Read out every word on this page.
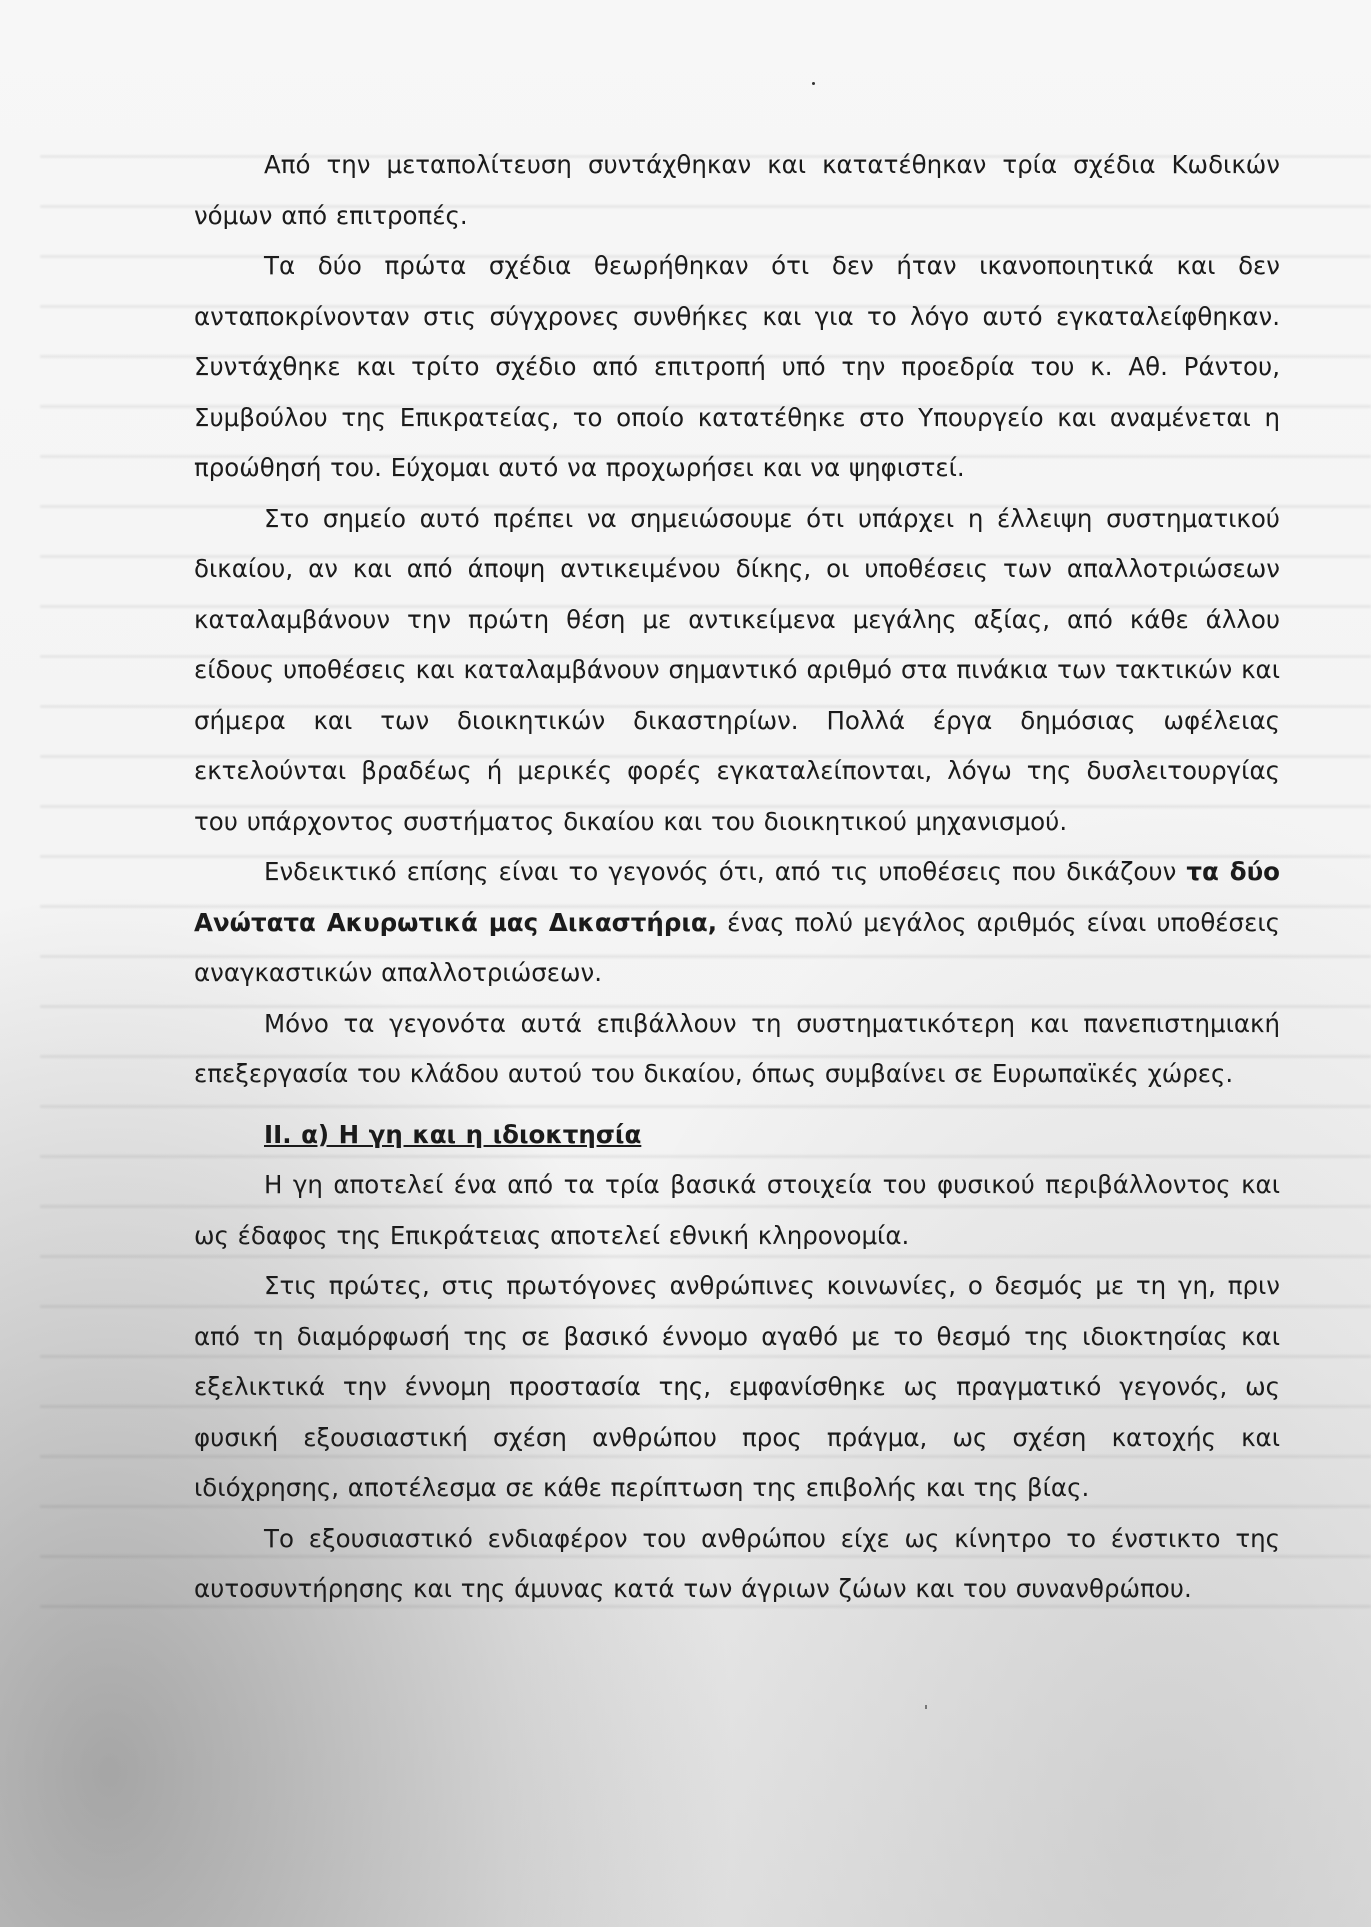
Από την μεταπολίτευση συντάχθηκαν και κατατέθηκαν τρία σχέδια Κωδικών νόμων από επιτροπές.

Τα δύο πρώτα σχέδια θεωρήθηκαν ότι δεν ήταν ικανοποιητικά και δεν ανταποκρίνονταν στις σύγχρονες συνθήκες και για το λόγο αυτό εγκαταλείφθηκαν. Συντάχθηκε και τρίτο σχέδιο από επιτροπή υπό την προεδρία του κ. Αθ. Ράντου, Συμβούλου της Επικρατείας, το οποίο κατατέθηκε στο Υπουργείο και αναμένεται η προώθησή του. Εύχομαι αυτό να προχωρήσει και να ψηφιστεί.

Στο σημείο αυτό πρέπει να σημειώσουμε ότι υπάρχει η έλλειψη συστηματικού δικαίου, αν και από άποψη αντικειμένου δίκης, οι υποθέσεις των απαλλοτριώσεων καταλαμβάνουν την πρώτη θέση με αντικείμενα μεγάλης αξίας, από κάθε άλλου είδους υποθέσεις και καταλαμβάνουν σημαντικό αριθμό στα πινάκια των τακτικών και σήμερα και των διοικητικών δικαστηρίων. Πολλά έργα δημόσιας ωφέλειας εκτελούνται βραδέως ή μερικές φορές εγκαταλείπονται, λόγω της δυσλειτουργίας του υπάρχοντος συστήματος δικαίου και του διοικητικού μηχανισμού.

Ενδεικτικό επίσης είναι το γεγονός ότι, από τις υποθέσεις που δικάζουν τα δύο Ανώτατα Ακυρωτικά μας Δικαστήρια, ένας πολύ μεγάλος αριθμός είναι υποθέσεις αναγκαστικών απαλλοτριώσεων.

Μόνο τα γεγονότα αυτά επιβάλλουν τη συστηματικότερη και πανεπιστημιακή επεξεργασία του κλάδου αυτού του δικαίου, όπως συμβαίνει σε Ευρωπαϊκές χώρες.

II. α) Η γη και η ιδιοκτησία

Η γη αποτελεί ένα από τα τρία βασικά στοιχεία του φυσικού περιβάλλοντος και ως έδαφος της Επικράτειας αποτελεί εθνική κληρονομία.

Στις πρώτες, στις πρωτόγονες ανθρώπινες κοινωνίες, ο δεσμός με τη γη, πριν από τη διαμόρφωσή της σε βασικό έννομο αγαθό με το θεσμό της ιδιοκτησίας και εξελικτικά την έννομη προστασία της, εμφανίσθηκε ως πραγματικό γεγονός, ως φυσική εξουσιαστική σχέση ανθρώπου προς πράγμα, ως σχέση κατοχής και ιδιόχρησης, αποτέλεσμα σε κάθε περίπτωση της επιβολής και της βίας.

Το εξουσιαστικό ενδιαφέρον του ανθρώπου είχε ως κίνητρο το ένστικτο της αυτοσυντήρησης και της άμυνας κατά των άγριων ζώων και του συνανθρώπου.
